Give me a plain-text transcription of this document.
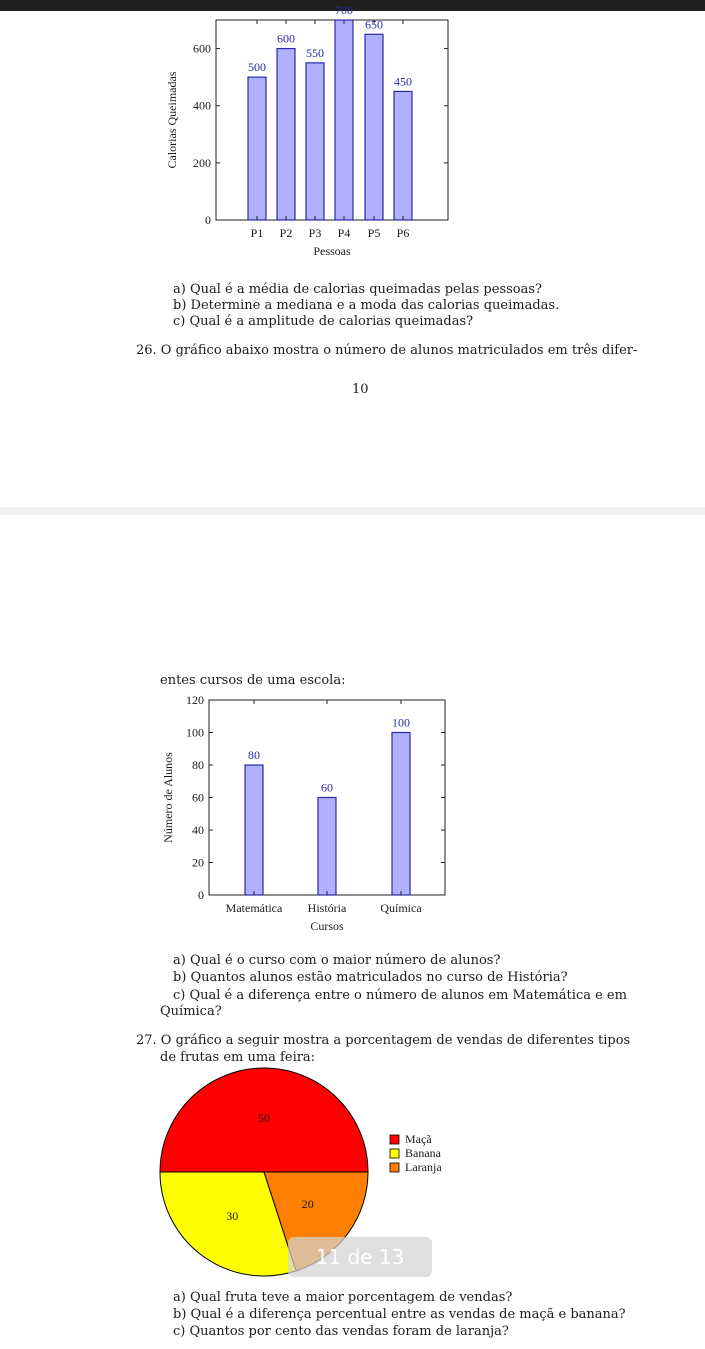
0
200
400
600
500
P1
600
P2
550
P3
700
P4
650
P5
450
P6
Pessoas
Calorias Queimadas
a) Qual é a média de calorias queimadas pelas pessoas?
b) Determine a mediana e a moda das calorias queimadas.
c) Qual é a amplitude de calorias queimadas?
26. O gráfico abaixo mostra o número de alunos matriculados em três difer-
10
entes cursos de uma escola:
0
20
40
60
80
100
120
80
Matemática
60
História
100
Química
Cursos
Número de Alunos
a) Qual é o curso com o maior número de alunos?
b) Quantos alunos estão matriculados no curso de História?
c) Qual é a diferença entre o número de alunos em Matemática e em
Química?
27. O gráfico a seguir mostra a porcentagem de vendas de diferentes tipos
de frutas em uma feira:
50
30
20
Maçã
Banana
Laranja
11 de 13
a) Qual fruta teve a maior porcentagem de vendas?
b) Qual é a diferença percentual entre as vendas de maçã e banana?
c) Quantos por cento das vendas foram de laranja?
